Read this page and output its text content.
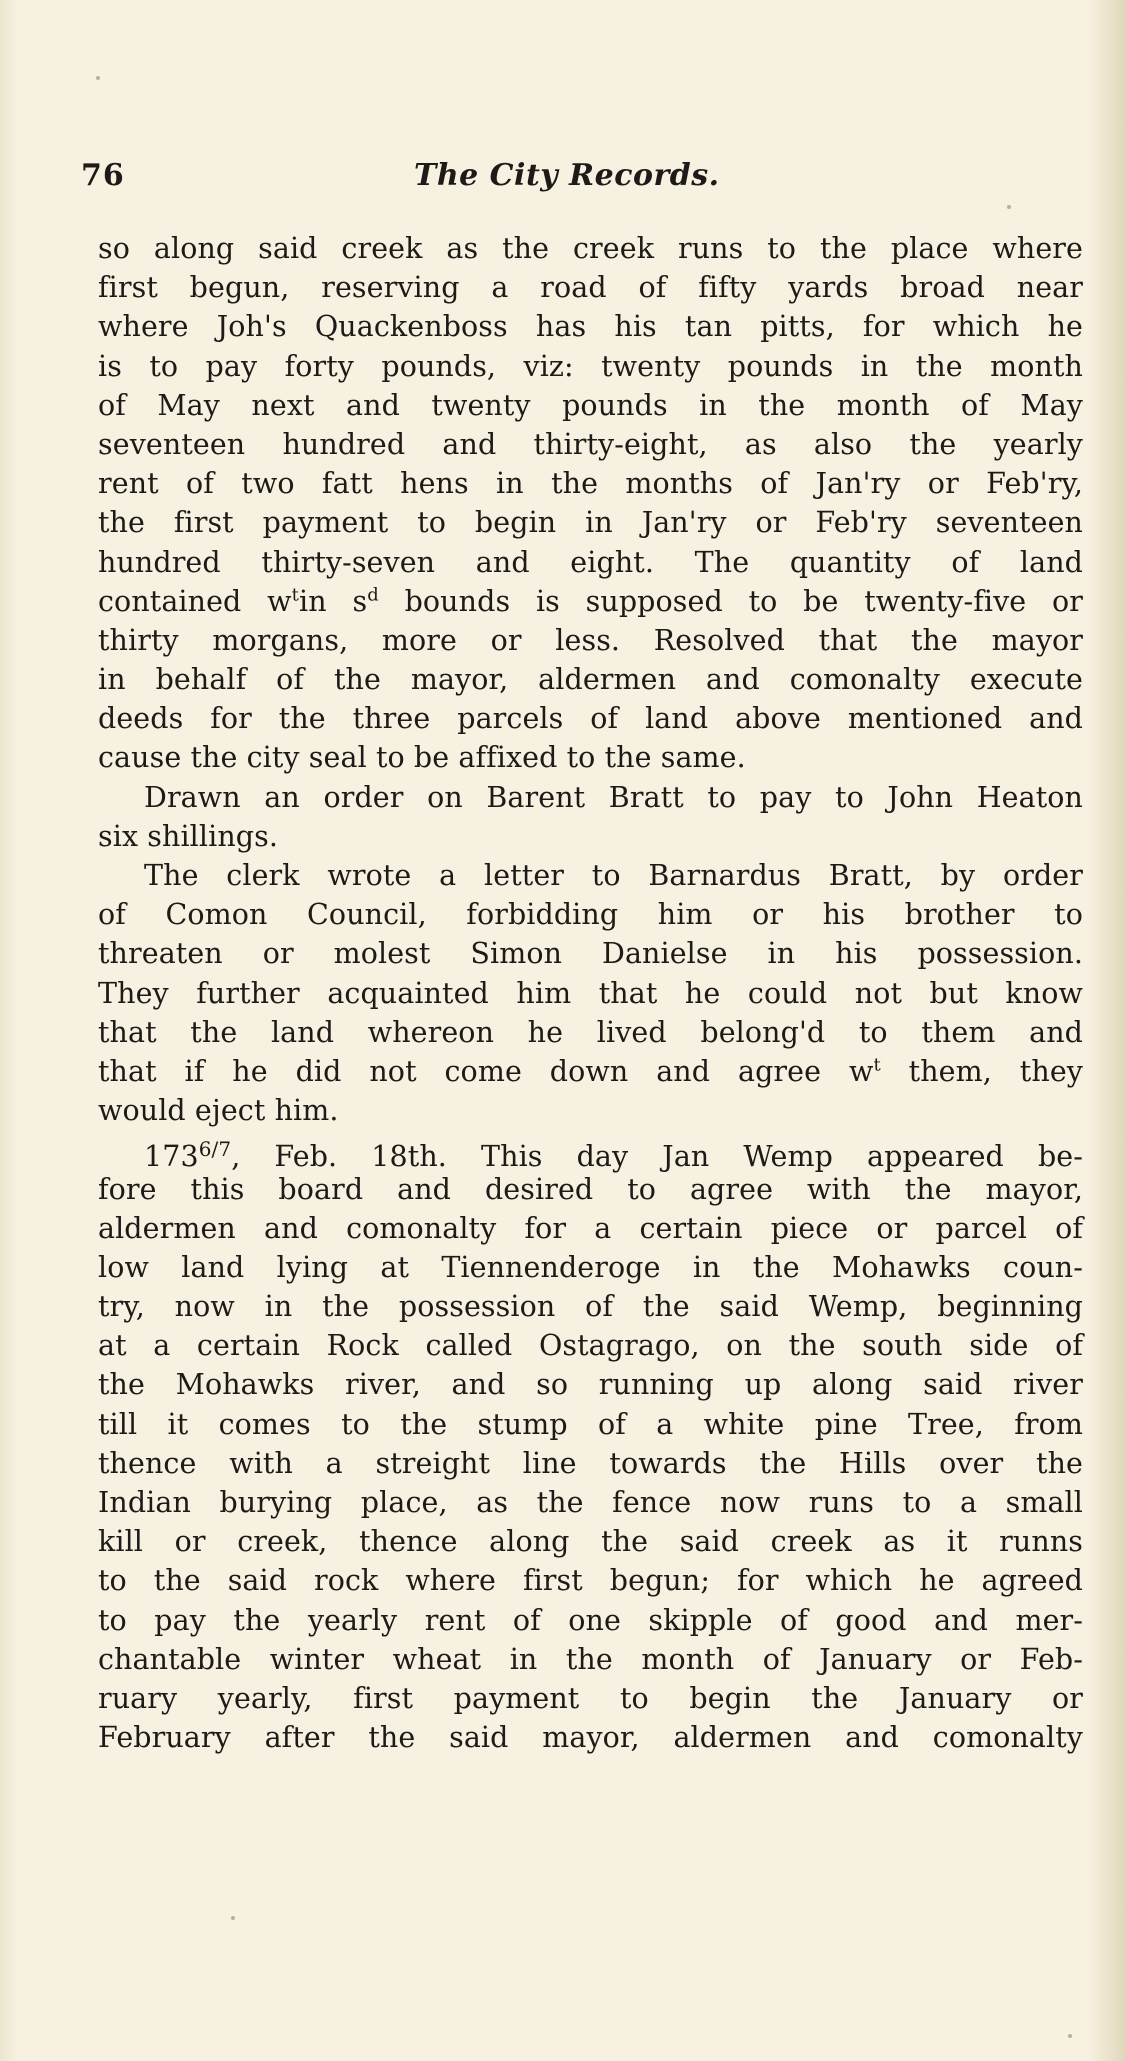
76	The City Records.
so along said creek as the creek runs to the place where
first begun, reserving a road of fifty yards broad near
where Joh's Quackenboss has his tan pitts, for which he
is to pay forty pounds, viz: twenty pounds in the month
of May next and twenty pounds in the month of May
seventeen hundred and thirty-eight, as also the yearly
rent of two fatt hens in the months of Jan'ry or Feb'ry,
the first payment to begin in Jan'ry or Feb'ry seventeen
hundred thirty-seven and eight. The quantity of land
contained $w^tin$ $s^d$ bounds is supposed to be twenty-five or
thirty morgans, more or less. Resolved that the mayor
in behalf of the mayor, aldermen and comonalty execute
deeds for the three parcels of land above mentioned and
cause the city seal to be affixed to the same.
Drawn an order on Barent Bratt to pay to John Heaton
six shillings.
The clerk wrote a letter to Barnardus Bratt, by order
of Comon Council, forbidding him or his brother to
threaten or molest Simon Danielse in his possession.
They further acquainted him that he could not but know
that the land whereon he lived belong'd to them and
that if he did not come down and agree $w^t$ them, they
would eject him.
$173^{6/7}$, Feb. 18th. This day Jan Wemp appeared be-
fore this board and desired to agree with the mayor,
aldermen and comonalty for a certain piece or parcel of
low land lying at Tiennenderoge in the Mohawks coun-
try, now in the possession of the said Wemp, beginning
at a certain Rock called Ostagrago, on the south side of
the Mohawks river, and so running up along said river
till it comes to the stump of a white pine Tree, from
thence with a streight line towards the Hills over the
Indian burying place, as the fence now runs to a small
kill or creek, thence along the said creek as it runns
to the said rock where first begun; for which he agreed
to pay the yearly rent of one skipple of good and mer-
chantable winter wheat in the month of January or Feb-
ruary yearly, first payment to begin the January or
February after the said mayor, aldermen and comonalty
